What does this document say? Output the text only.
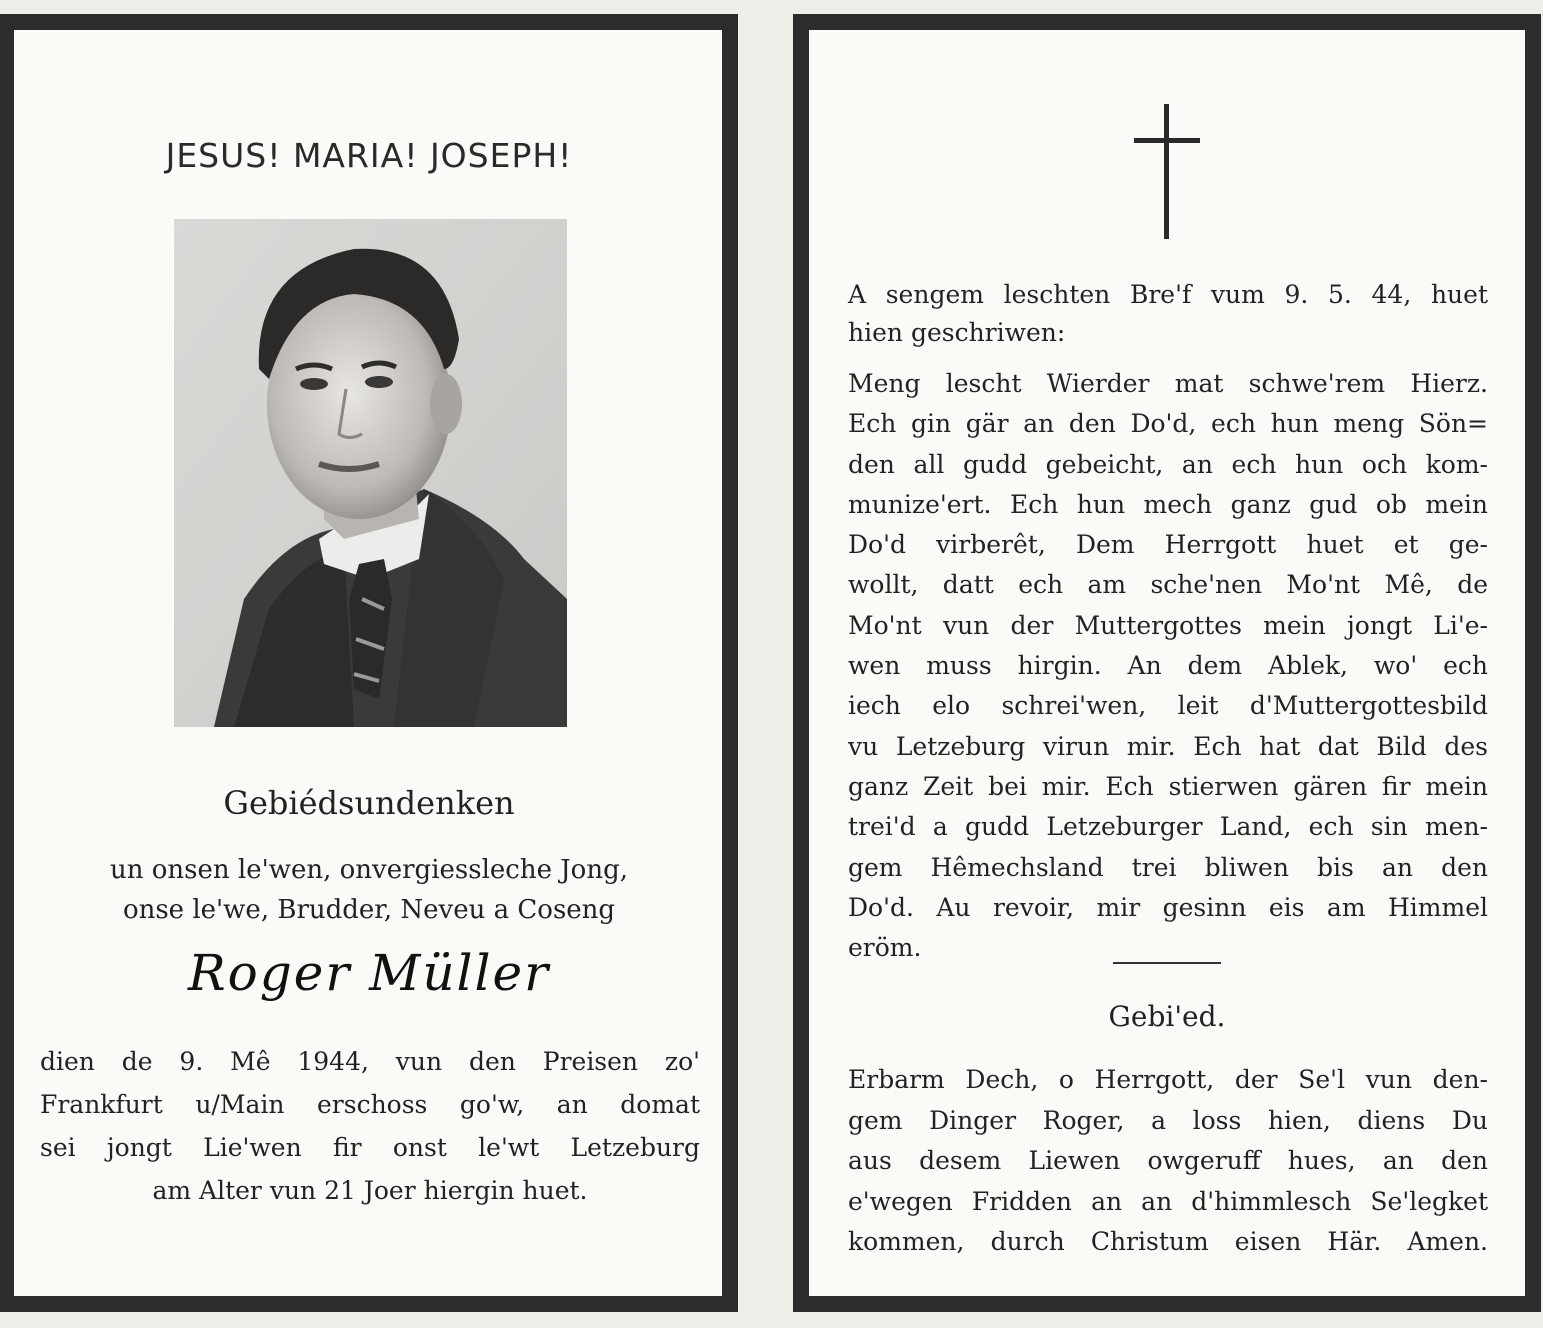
JESUS! MARIA! JOSEPH!
Gebiédsundenken
un onsen le'wen, onvergiessleche Jong,
onse le'we, Brudder, Neveu a Coseng
Roger Müller
dien de 9. Mê 1944, vun den Preisen zo'
Frankfurt u/Main erschoss go'w, an domat
sei jongt Lie'wen fir onst le'wt Letzeburg
am Alter vun 21 Joer hiergin huet.
A sengem leschten Bre'f vum 9. 5. 44, huet
hien geschriwen:
Meng lescht Wierder mat schwe'rem Hierz.
Ech gin gär an den Do'd, ech hun meng Sön=
den all gudd gebeicht, an ech hun och kom-
munize'ert. Ech hun mech ganz gud ob mein
Do'd virberêt, Dem Herrgott huet et ge-
wollt, datt ech am sche'nen Mo'nt Mê, de
Mo'nt vun der Muttergottes mein jongt Li'e-
wen muss hirgin. An dem Ablek, wo' ech
iech elo schrei'wen, leit d'Muttergottesbild
vu Letzeburg virun mir. Ech hat dat Bild des
ganz Zeit bei mir. Ech stierwen gären fir mein
trei'd a gudd Letzeburger Land, ech sin men-
gem Hêmechsland trei bliwen bis an den
Do'd. Au revoir, mir gesinn eis am Himmel
eröm.
Gebi'ed.
Erbarm Dech, o Herrgott, der Se'l vun den-
gem Dinger Roger, a loss hien, diens Du
aus desem Liewen owgeruff hues, an den
e'wegen Fridden an an d'himmlesch Se'legket
kommen, durch Christum eisen Här. Amen.
